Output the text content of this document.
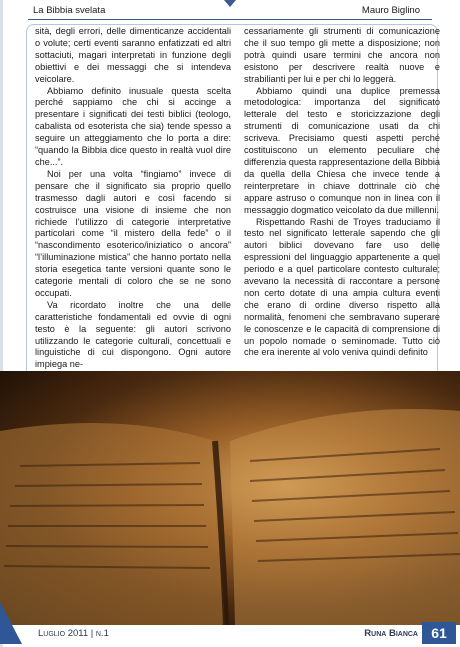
La Bibbia svelata	Mauro Biglino

sità, degli errori, delle dimenticanze accidentali o volute; certi eventi saranno enfatizzati ed altri sottaciuti, magari interpretati in funzione degli obiettivi e dei messaggi che si intendeva veicolare.

Abbiamo definito inusuale questa scelta perché sappiamo che chi si accinge a presentare i significati dei testi biblici (teologo, cabalista od esoterista che sia) tende spesso a seguire un atteggiamento che lo porta a dire: “quando la Bibbia dice questo in realtà vuol dire che...”.

Noi per una volta “fingiamo” invece di pensare che il significato sia proprio quello trasmesso dagli autori e così facendo si costruisce una visione di insieme che non richiede l’utilizzo di categorie interpretative particolari come “il mistero della fede” o il “nascondimento esoterico/iniziatico o ancora” “l’illuminazione mistica” che hanno portato nella storia esegetica tante versioni quante sono le categorie mentali di coloro che se ne sono occupati.

Va ricordato inoltre che una delle caratteristiche fondamentali ed ovvie di ogni testo è la seguente: gli autori scrivono utilizzando le categorie culturali, concettuali e linguistiche di cui dispongono. Ogni autore impiega ne-

cessariamente gli strumenti di comunicazione che il suo tempo gli mette a disposizione; non potrà quindi usare termini che ancora non esistono per descrivere realtà nuove e strabilianti per lui e per chi lo leggerà.

Abbiamo quindi una duplice premessa metodologica: importanza del significato letterale del testo e storicizzazione degli strumenti di comunicazione usati da chi scriveva. Precisiamo questi aspetti perché costituiscono un elemento peculiare che differenzia questa rappresentazione della Bibbia da quella della Chiesa che invece tende a reinterpretare in chiave dottrinale ciò che appare astruso o comunque non in linea con il messaggio dogmatico veicolato da due millenni.

Rispettando Rashi de Troyes traduciamo il testo nel significato letterale sapendo che gli autori biblici dovevano fare uso delle espressioni del linguaggio appartenente a quel periodo e a quel particolare contesto culturale; avevano la necessità di raccontare a persone non certo dotate di una ampia cultura eventi che erano di ordine diverso rispetto alla normalità, fenomeni che sembravano superare le conoscenze e le capacità di comprensione di un popolo nomade o seminomade. Tutto ciò che era inerente al volo veniva quindi definito

Luglio 2011 | n.1	Runa Bianca 61
